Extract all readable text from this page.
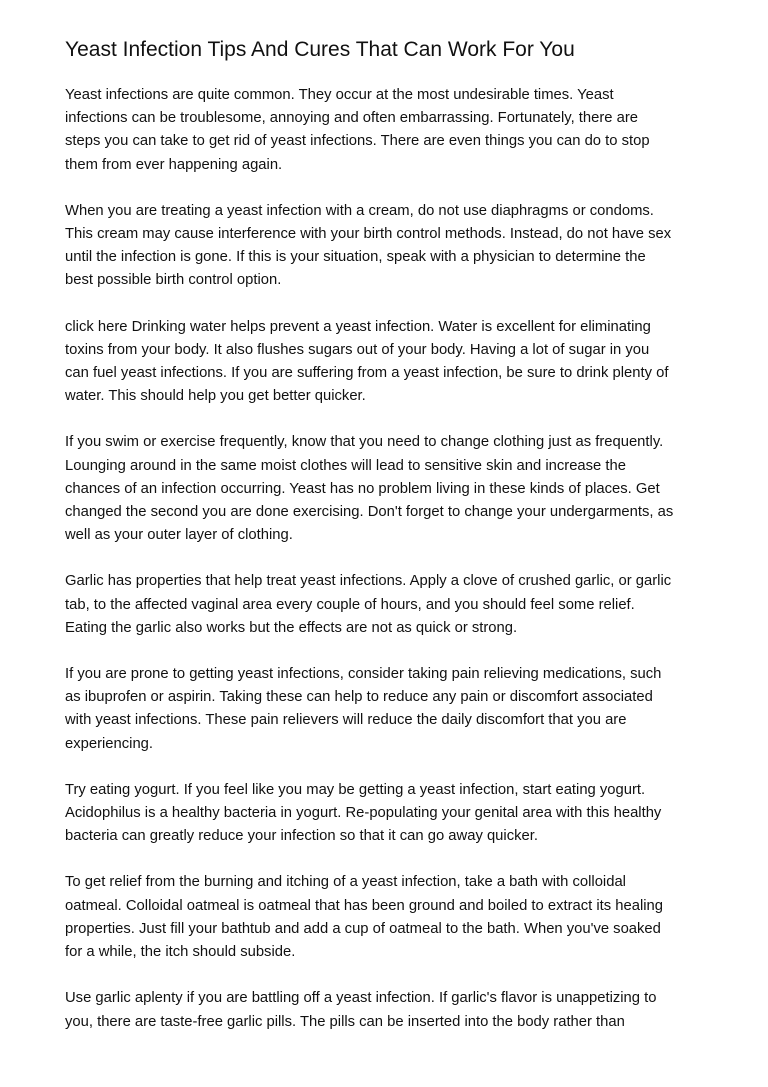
Yeast Infection Tips And Cures That Can Work For You

Yeast infections are quite common. They occur at the most undesirable times. Yeast
infections can be troublesome, annoying and often embarrassing. Fortunately, there are
steps you can take to get rid of yeast infections. There are even things you can do to stop
them from ever happening again.

When you are treating a yeast infection with a cream, do not use diaphragms or condoms.
This cream may cause interference with your birth control methods. Instead, do not have sex
until the infection is gone. If this is your situation, speak with a physician to determine the
best possible birth control option.

click here Drinking water helps prevent a yeast infection. Water is excellent for eliminating
toxins from your body. It also flushes sugars out of your body. Having a lot of sugar in you
can fuel yeast infections. If you are suffering from a yeast infection, be sure to drink plenty of
water. This should help you get better quicker.

If you swim or exercise frequently, know that you need to change clothing just as frequently.
Lounging around in the same moist clothes will lead to sensitive skin and increase the
chances of an infection occurring. Yeast has no problem living in these kinds of places. Get
changed the second you are done exercising. Don't forget to change your undergarments, as
well as your outer layer of clothing.

Garlic has properties that help treat yeast infections. Apply a clove of crushed garlic, or garlic
tab, to the affected vaginal area every couple of hours, and you should feel some relief.
Eating the garlic also works but the effects are not as quick or strong.

If you are prone to getting yeast infections, consider taking pain relieving medications, such
as ibuprofen or aspirin. Taking these can help to reduce any pain or discomfort associated
with yeast infections. These pain relievers will reduce the daily discomfort that you are
experiencing.

Try eating yogurt. If you feel like you may be getting a yeast infection, start eating yogurt.
Acidophilus is a healthy bacteria in yogurt. Re-populating your genital area with this healthy
bacteria can greatly reduce your infection so that it can go away quicker.

To get relief from the burning and itching of a yeast infection, take a bath with colloidal
oatmeal. Colloidal oatmeal is oatmeal that has been ground and boiled to extract its healing
properties. Just fill your bathtub and add a cup of oatmeal to the bath. When you've soaked
for a while, the itch should subside.

Use garlic aplenty if you are battling off a yeast infection. If garlic's flavor is unappetizing to
you, there are taste-free garlic pills. The pills can be inserted into the body rather than
